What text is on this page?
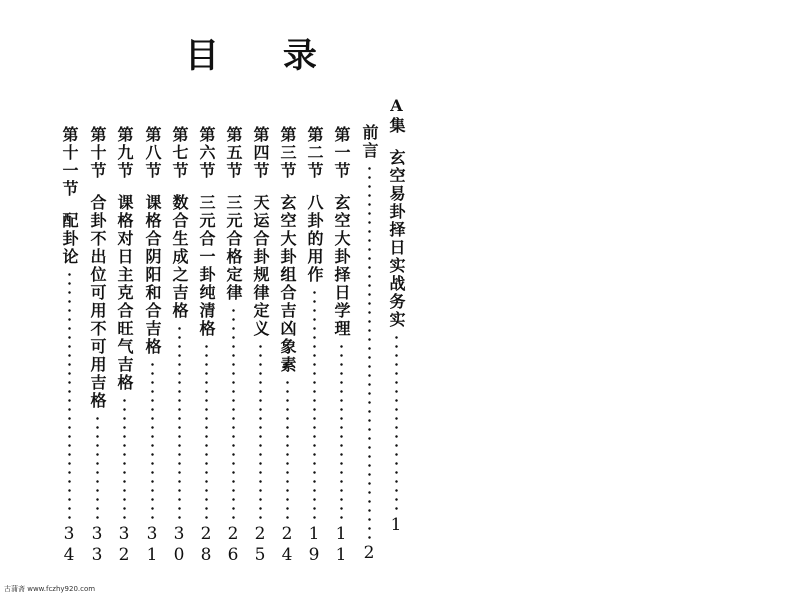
目 录
A集
玄空易卦择日实战务实
1
前言
2
第一节
玄空大卦择日学理
11
第二节
八卦的用作
19
第三节
玄空大卦组合吉凶象素
24
第四节
天运合卦规律定义
25
第五节
三元合格定律
26
第六节
三元合一卦纯清格
28
第七节
数合生成之吉格
30
第八节
课格合阴阳和合吉格
31
第九节
课格对日主克合旺气吉格
32
第十节
合卦不出位可用不可用吉格
33
第十一节
配卦论
34
古蒲斋 www.fczhy920.com
